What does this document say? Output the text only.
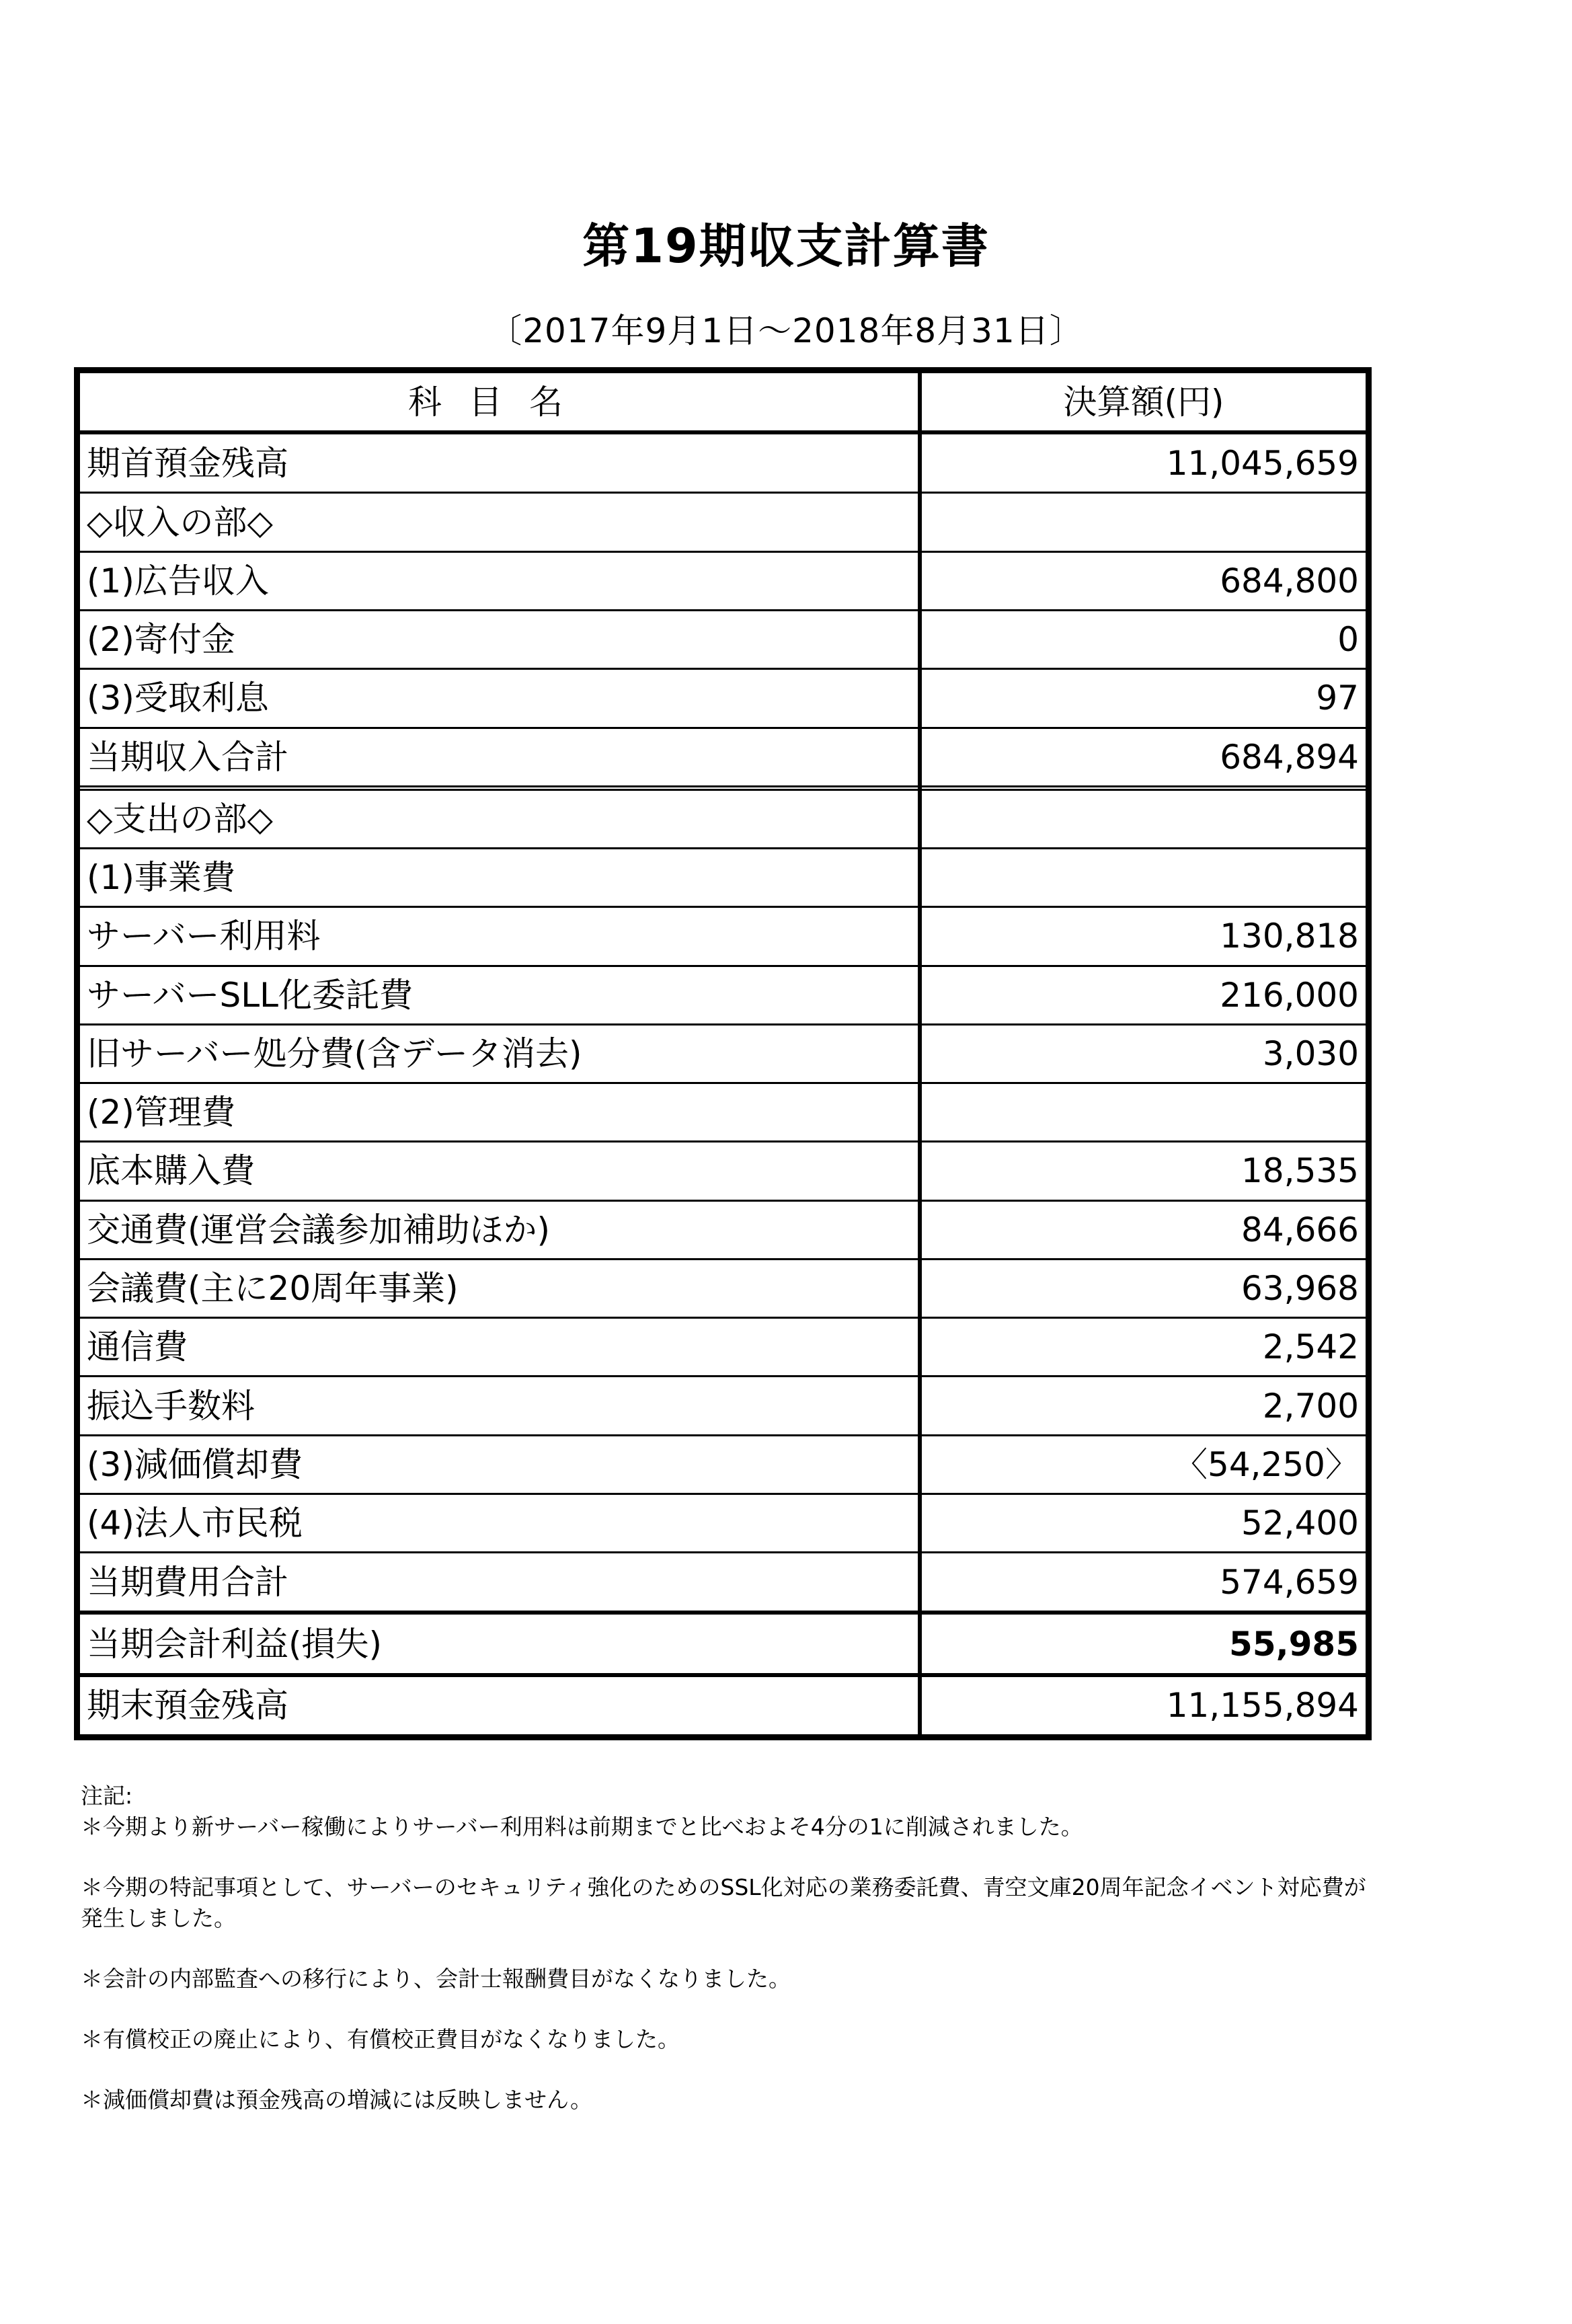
第19期収支計算書
〔2017年9月1日～2018年8月31日〕
科目名	決算額(円)
期首預金残高	11,045,659
◇収入の部◇	
(1)広告収入	684,800
(2)寄付金	0
(3)受取利息	97
当期収入合計	684,894

◇支出の部◇	
(1)事業費	
サーバー利用料	130,818
サーバーSLL化委託費	216,000
旧サーバー処分費(含データ消去)	3,030
(2)管理費	
底本購入費	18,535
交通費(運営会議参加補助ほか)	84,666
会議費(主に20周年事業)	63,968
通信費	2,542
振込手数料	2,700
(3)減価償却費	〈54,250〉
(4)法人市民税	52,400
当期費用合計	574,659
当期会計利益(損失)	55,985
期末預金残高	11,155,894
注記:

＊今期より新サーバー稼働によりサーバー利用料は前期までと比べおよそ4分の1に削減されました。

＊今期の特記事項として、サーバーのセキュリティ強化のためのSSL化対応の業務委託費、青空文庫20周年記念イベント対応費が発生しました。

＊会計の内部監査への移行により、会計士報酬費目がなくなりました。

＊有償校正の廃止により、有償校正費目がなくなりました。

＊減価償却費は預金残高の増減には反映しません。
